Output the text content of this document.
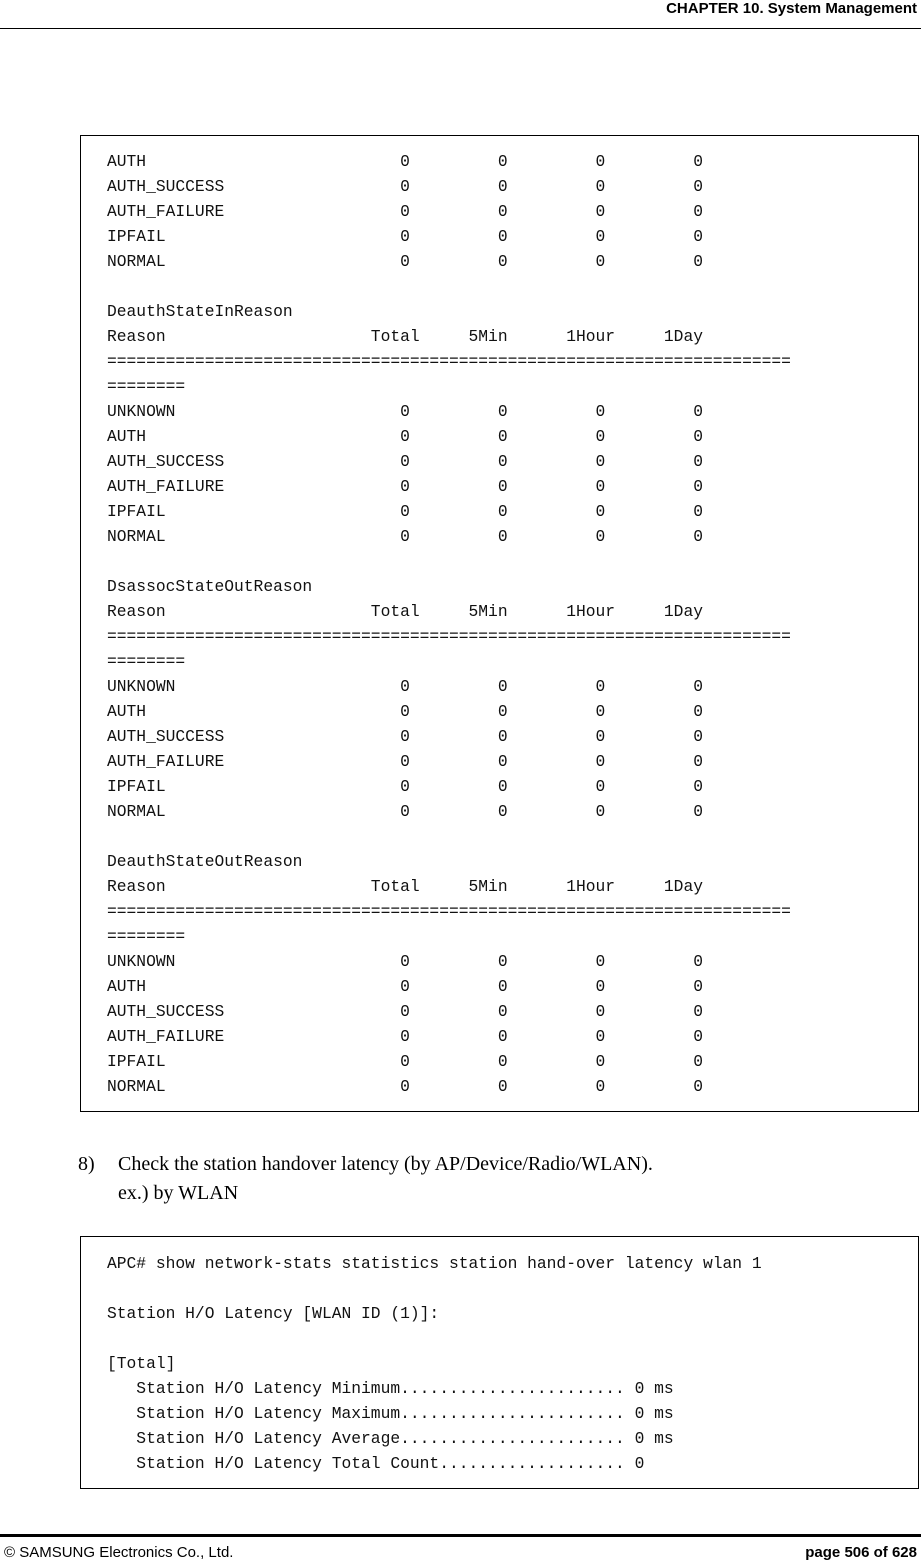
CHAPTER 10. System Management
AUTH                          0         0         0         0
AUTH_SUCCESS                  0         0         0         0
AUTH_FAILURE                  0         0         0         0
IPFAIL                        0         0         0         0
NORMAL                        0         0         0         0

DeauthStateInReason
Reason                     Total     5Min      1Hour     1Day
======================================================================
========
UNKNOWN                       0         0         0         0
AUTH                          0         0         0         0
AUTH_SUCCESS                  0         0         0         0
AUTH_FAILURE                  0         0         0         0
IPFAIL                        0         0         0         0
NORMAL                        0         0         0         0

DsassocStateOutReason
Reason                     Total     5Min      1Hour     1Day
======================================================================
========
UNKNOWN                       0         0         0         0
AUTH                          0         0         0         0
AUTH_SUCCESS                  0         0         0         0
AUTH_FAILURE                  0         0         0         0
IPFAIL                        0         0         0         0
NORMAL                        0         0         0         0

DeauthStateOutReason
Reason                     Total     5Min      1Hour     1Day
======================================================================
========
UNKNOWN                       0         0         0         0
AUTH                          0         0         0         0
AUTH_SUCCESS                  0         0         0         0
AUTH_FAILURE                  0         0         0         0
IPFAIL                        0         0         0         0
NORMAL                        0         0         0         0
8) Check the station handover latency (by AP/Device/Radio/WLAN).
ex.) by WLAN
APC# show network-stats statistics station hand-over latency wlan 1

Station H/O Latency [WLAN ID (1)]:

[Total]
Station H/O Latency Minimum....................... 0 ms
Station H/O Latency Maximum....................... 0 ms
Station H/O Latency Average....................... 0 ms
Station H/O Latency Total Count................... 0
© SAMSUNG Electronics Co., Ltd.	page 506 of 628
